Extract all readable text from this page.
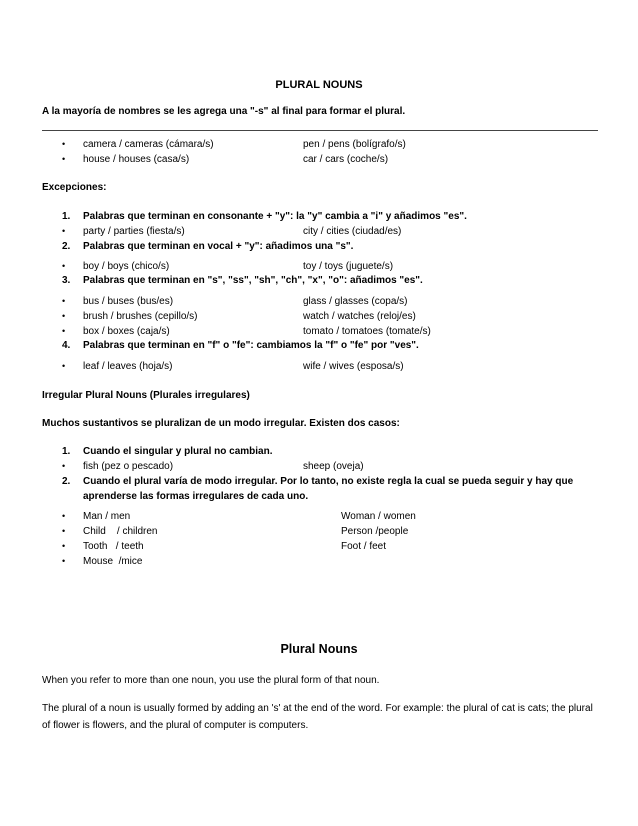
PLURAL NOUNS
A la mayoría de nombres se les agrega una "-s" al final para formar el plural.
• camera / cameras (cámara/s)	pen / pens (bolígrafo/s)
• house / houses (casa/s)	car / cars (coche/s)
Excepciones:
1. Palabras que terminan en consonante + "y": la "y" cambia a "i" y añadimos "es".
• party / parties (fiesta/s)	city / cities (ciudad/es)
2. Palabras que terminan en vocal + "y": añadimos una "s".
• boy / boys (chico/s)	toy / toys (juguete/s)
3. Palabras que terminan en "s", "ss", "sh", "ch", "x", "o": añadimos "es".
• bus / buses (bus/es)	glass / glasses (copa/s)
• brush / brushes (cepillo/s)	watch / watches (reloj/es)
• box / boxes (caja/s)	tomato / tomatoes (tomate/s)
4. Palabras que terminan en "f" o "fe": cambiamos la "f" o "fe" por "ves".
• leaf / leaves (hoja/s)	wife / wives (esposa/s)
Irregular Plural Nouns (Plurales irregulares)
Muchos sustantivos se pluralizan de un modo irregular. Existen dos casos:
1. Cuando el singular y plural no cambian.
• fish (pez o pescado)	sheep (oveja)
2. Cuando el plural varía de modo irregular. Por lo tanto, no existe regla la cual se pueda seguir y hay que
aprenderse las formas irregulares de cada uno.
• Man / men	Woman / women
• Child    / children	Person /people
• Tooth   / teeth	Foot / feet
• Mouse  /mice
Plural Nouns
When you refer to more than one noun, you use the plural form of that noun.
The plural of a noun is usually formed by adding an 's' at the end of the word. For example: the plural of cat is cats; the plural of flower is flowers, and the plural of computer is computers.
